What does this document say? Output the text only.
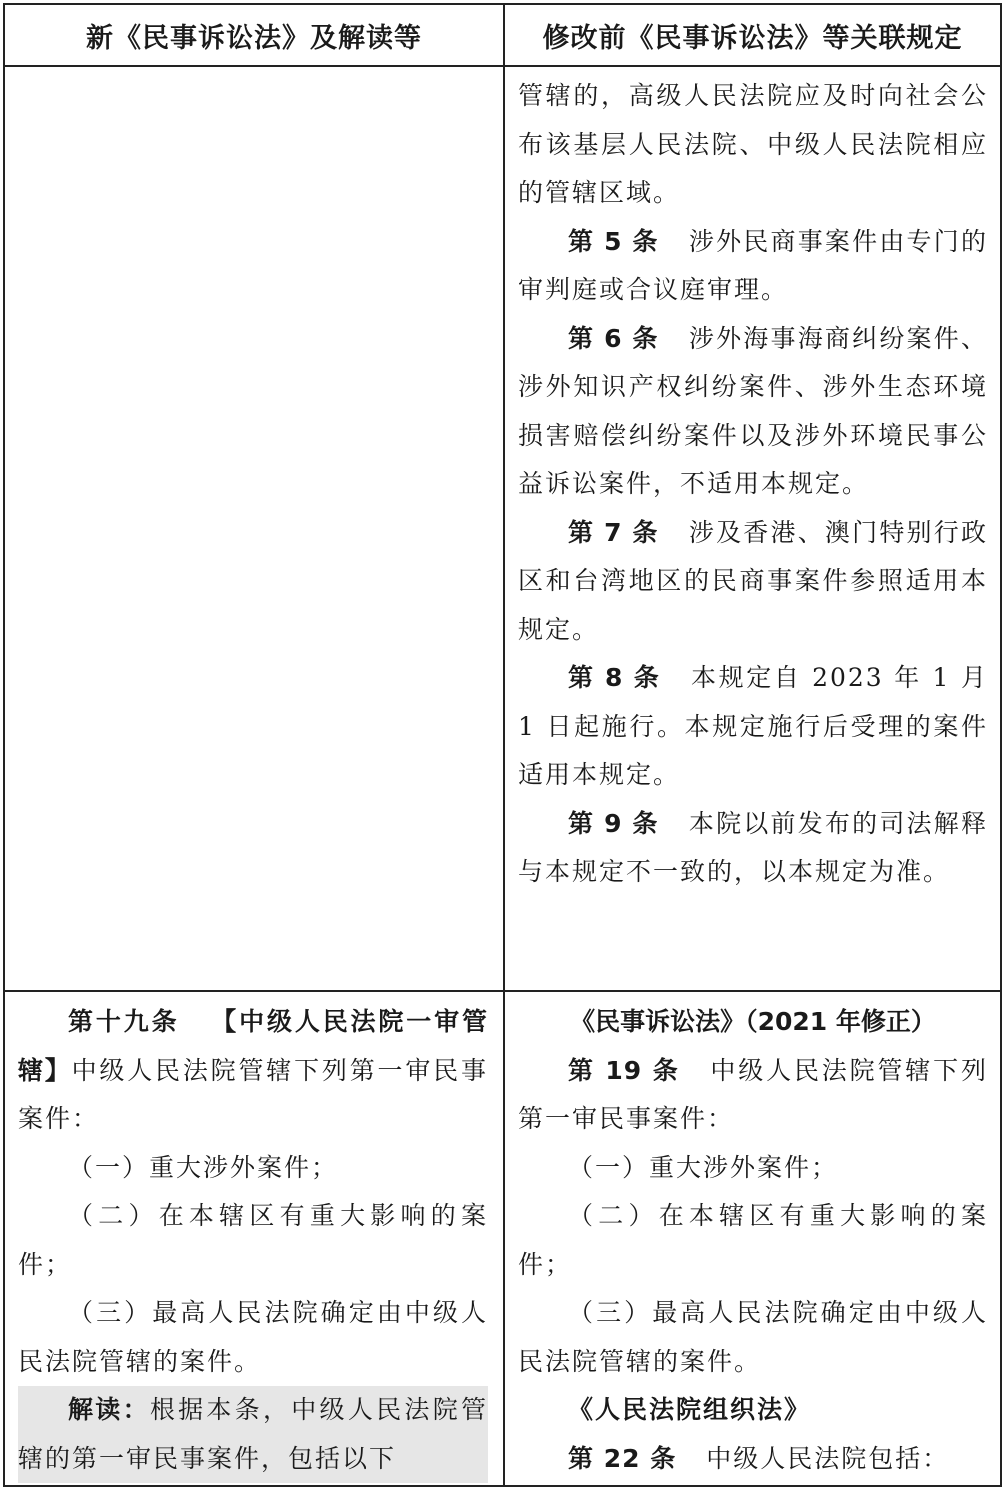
新《民事诉讼法》及解读等	修改前《民事诉讼法》等关联规定

管辖的，高级人民法院应及时向社会公布该基层人民法院、中级人民法院相应的管辖区域。

第 5 条 涉外民商事案件由专门的审判庭或合议庭审理。

第 6 条 涉外海事海商纠纷案件、涉外知识产权纠纷案件、涉外生态环境损害赔偿纠纷案件以及涉外环境民事公益诉讼案件，不适用本规定。

第 7 条 涉及香港、澳门特别行政区和台湾地区的民商事案件参照适用本规定。

第 8 条 本规定自 2023 年 1 月 1 日起施行。本规定施行后受理的案件适用本规定。

第 9 条 本院以前发布的司法解释与本规定不一致的，以本规定为准。

第十九条 【中级人民法院一审管辖】中级人民法院管辖下列第一审民事案件：

（一）重大涉外案件；

（二）在本辖区有重大影响的案件；

（三）最高人民法院确定由中级人民法院管辖的案件。

解读：根据本条，中级人民法院管辖的第一审民事案件，包括以下

《民事诉讼法》（2021 年修正）

第 19 条 中级人民法院管辖下列第一审民事案件：

（一）重大涉外案件；

（二）在本辖区有重大影响的案件；

（三）最高人民法院确定由中级人民法院管辖的案件。

《人民法院组织法》

第 22 条 中级人民法院包括：
